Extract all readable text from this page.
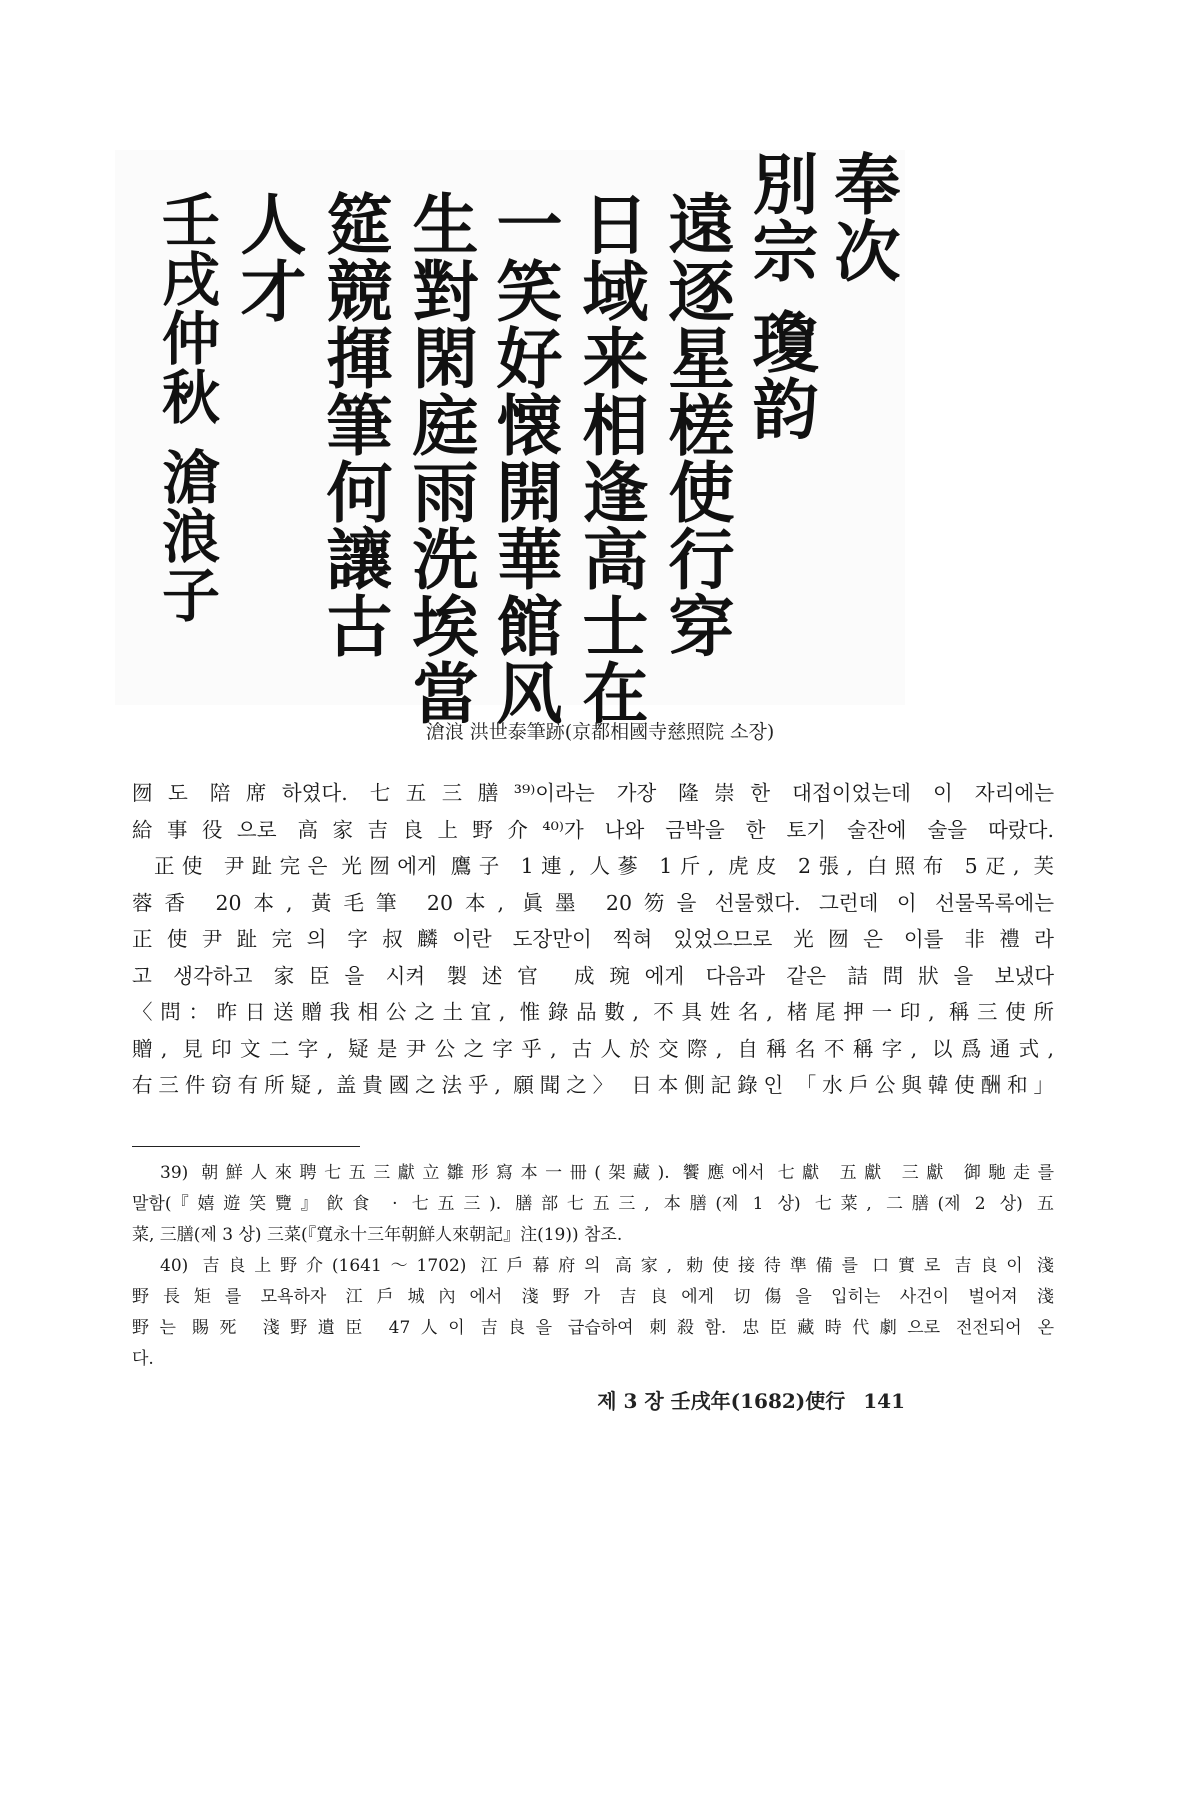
奉次
別宗 瓊韵
遠逐星槎使行穿
日域来相逢高士在
一笑好懐開華館风
生對閑庭雨洗埃當
筵競揮筆何讓古
人才
壬戌仲秋 滄浪子
滄浪 洪世泰筆跡(京都相國寺慈照院 소장)

囫도 陪席하였다. 七五三膳³⁹⁾이라는 가장 隆崇한 대접이었는데 이 자리에는

給事役으로 高家吉良上野介⁴⁰⁾가 나와 금박을 한 토기 술잔에 술을 따랐다.

正使 尹趾完은 光囫에게 鷹子 1連, 人蔘 1斤, 虎皮 2張, 白照布 5疋, 芙

蓉香 20本, 黃毛筆 20本, 眞墨 20笏을 선물했다. 그런데 이 선물목록에는

正使尹趾完의 字叔麟이란 도장만이 찍혀 있었으므로 光囫은 이를 非禮라

고 생각하고 家臣을 시켜 製述官 成琬에게 다음과 같은 詰問狀을 보냈다

〈問：昨日送贈我相公之土宜, 惟錄品數, 不具姓名, 楮尾押一印, 稱三使所

贈, 見印文二字, 疑是尹公之字乎, 古人於交際, 自稱名不稱字, 以爲通式,

右三件窃有所疑, 盖貴國之法乎, 願聞之〉 日本側記錄인 「水戶公與韓使酬和」

39) 朝鮮人來聘七五三獻立雛形寫本一冊(架藏). 饗應에서 七獻 五獻 三獻 御馳走를

말함(『嬉遊笑覽』飮食 · 七五三). 膳部七五三, 本膳(제 1 상) 七菜, 二膳(제 2 상) 五

菜, 三膳(제 3 상) 三菜(『寬永十三年朝鮮人來朝記』注(19)) 참조.

40) 吉良上野介(1641～1702) 江戶幕府의 高家, 勅使接待準備를 口實로 吉良이 淺

野長矩를 모욕하자 江戶城內에서 淺野가 吉良에게 切傷을 입히는 사건이 벌어져 淺

野는 賜死 淺野遺臣 47人이 吉良을 급습하여 刺殺함. 忠臣藏時代劇으로 전전되어 온

다.

제 3 장 壬戌年(1682)使行 141
